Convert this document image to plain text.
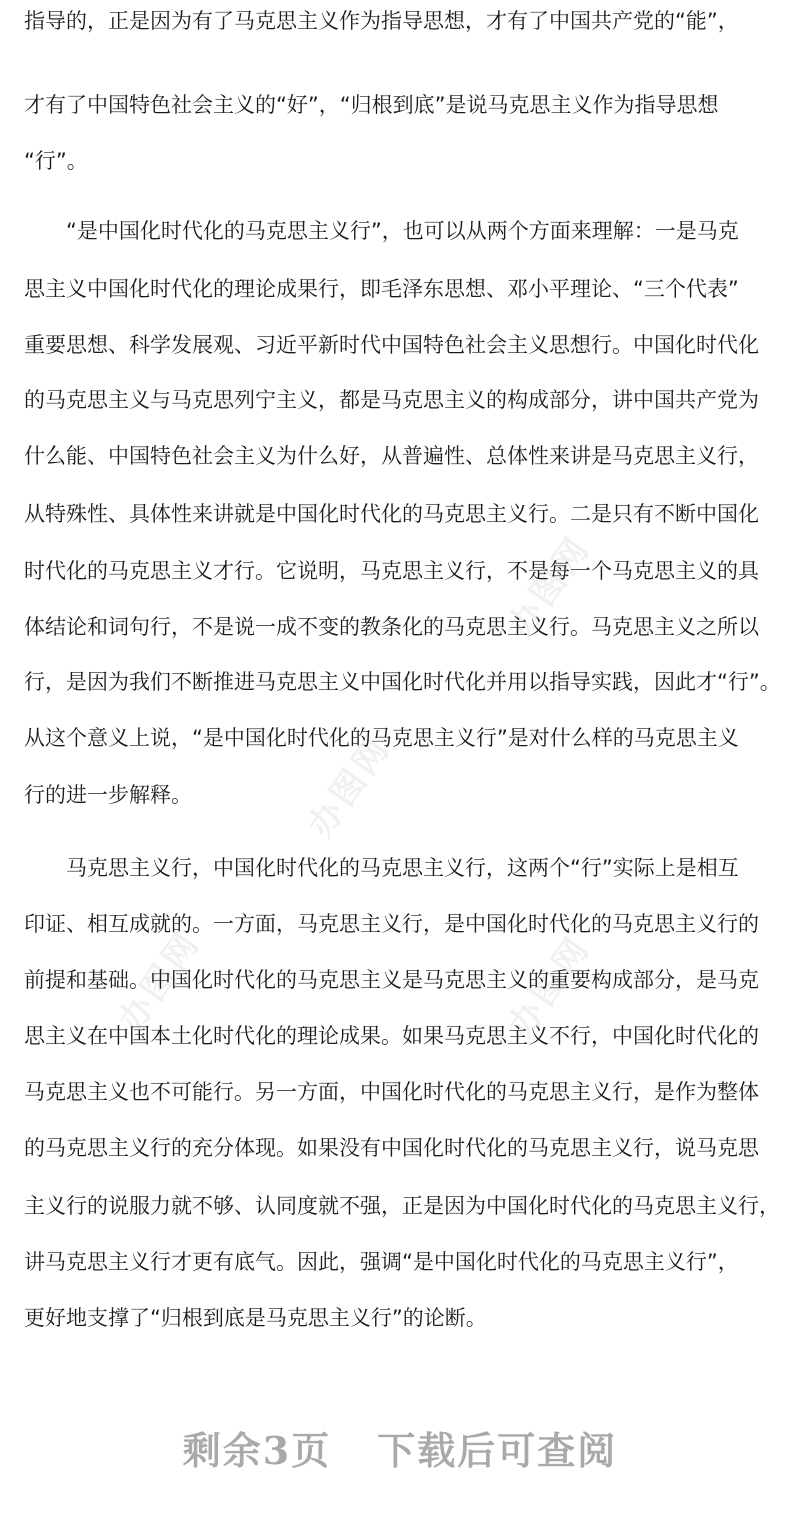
办图网
办图网
办图网
办图网
指导的，正是因为有了马克思主义作为指导思想，才有了中国共产党的“能”，
才有了中国特色社会主义的“好”，“归根到底”是说马克思主义作为指导思想
“行”。
“是中国化时代化的马克思主义行”，也可以从两个方面来理解：一是马克
思主义中国化时代化的理论成果行，即毛泽东思想、邓小平理论、“三个代表”
重要思想、科学发展观、习近平新时代中国特色社会主义思想行。中国化时代化
的马克思主义与马克思列宁主义，都是马克思主义的构成部分，讲中国共产党为
什么能、中国特色社会主义为什么好，从普遍性、总体性来讲是马克思主义行，
从特殊性、具体性来讲就是中国化时代化的马克思主义行。二是只有不断中国化
时代化的马克思主义才行。它说明，马克思主义行，不是每一个马克思主义的具
体结论和词句行，不是说一成不变的教条化的马克思主义行。马克思主义之所以
行，是因为我们不断推进马克思主义中国化时代化并用以指导实践，因此才“行”。
从这个意义上说，“是中国化时代化的马克思主义行”是对什么样的马克思主义
行的进一步解释。
马克思主义行，中国化时代化的马克思主义行，这两个“行”实际上是相互
印证、相互成就的。一方面，马克思主义行，是中国化时代化的马克思主义行的
前提和基础。中国化时代化的马克思主义是马克思主义的重要构成部分，是马克
思主义在中国本土化时代化的理论成果。如果马克思主义不行，中国化时代化的
马克思主义也不可能行。另一方面，中国化时代化的马克思主义行，是作为整体
的马克思主义行的充分体现。如果没有中国化时代化的马克思主义行，说马克思
主义行的说服力就不够、认同度就不强，正是因为中国化时代化的马克思主义行，
讲马克思主义行才更有底气。因此，强调“是中国化时代化的马克思主义行”，
更好地支撑了“归根到底是马克思主义行”的论断。
剩余3页 下载后可查阅
